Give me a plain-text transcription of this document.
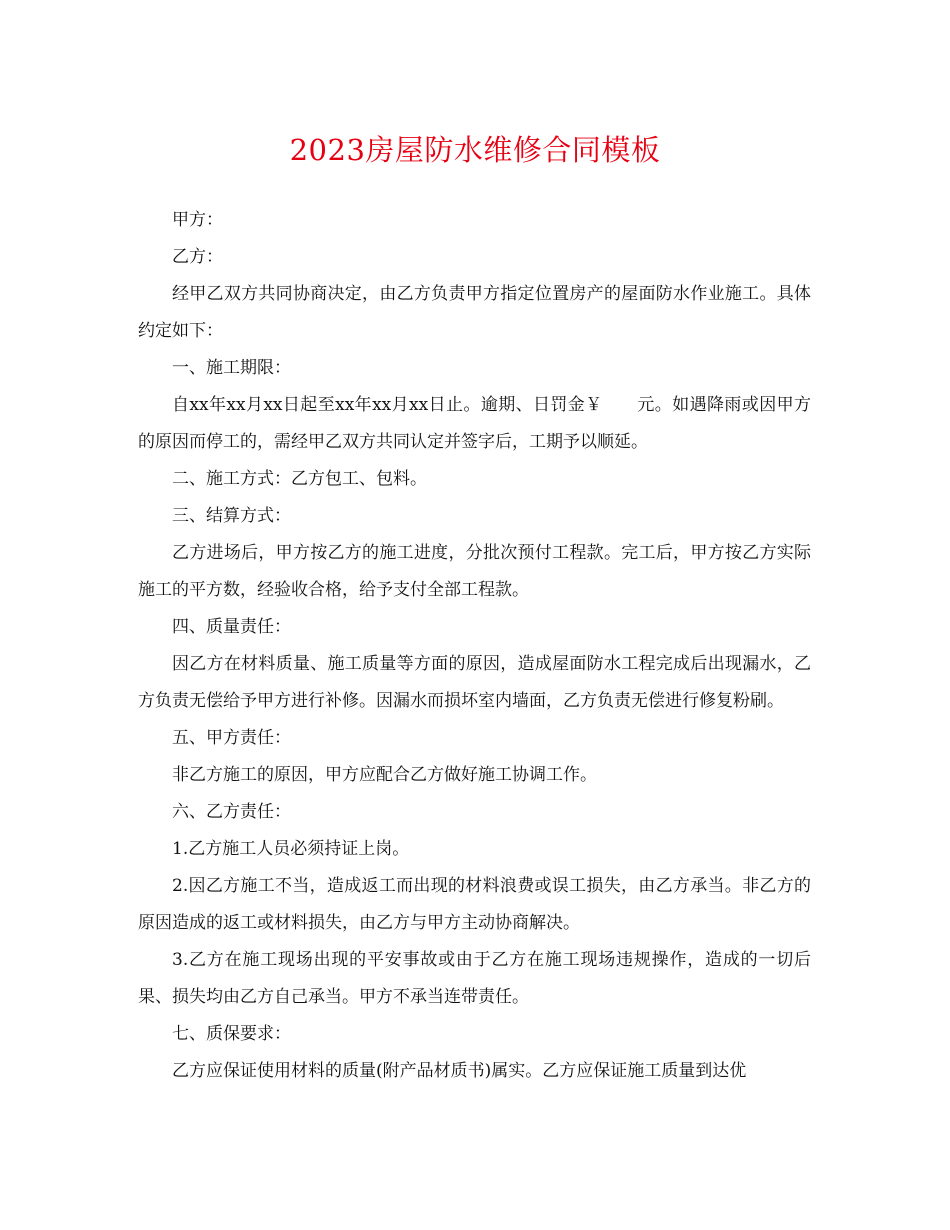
2023房屋防水维修合同模板

甲方：

乙方：

经甲乙双方共同协商决定，由乙方负责甲方指定位置房产的屋面防水作业施工。具体约定如下：

一、施工期限：

自xx年xx月xx日起至xx年xx月xx日止。逾期、日罚金￥　　元。如遇降雨或因甲方的原因而停工的，需经甲乙双方共同认定并签字后，工期予以顺延。

二、施工方式：乙方包工、包料。

三、结算方式：

乙方进场后，甲方按乙方的施工进度，分批次预付工程款。完工后，甲方按乙方实际施工的平方数，经验收合格，给予支付全部工程款。

四、质量责任：

因乙方在材料质量、施工质量等方面的原因，造成屋面防水工程完成后出现漏水，乙方负责无偿给予甲方进行补修。因漏水而损坏室内墙面，乙方负责无偿进行修复粉刷。

五、甲方责任：

非乙方施工的原因，甲方应配合乙方做好施工协调工作。

六、乙方责任：

1.乙方施工人员必须持证上岗。

2.因乙方施工不当，造成返工而出现的材料浪费或误工损失，由乙方承当。非乙方的原因造成的返工或材料损失，由乙方与甲方主动协商解决。

3.乙方在施工现场出现的平安事故或由于乙方在施工现场违规操作，造成的一切后果、损失均由乙方自己承当。甲方不承当连带责任。

七、质保要求：

乙方应保证使用材料的质量(附产品材质书)属实。乙方应保证施工质量到达优
